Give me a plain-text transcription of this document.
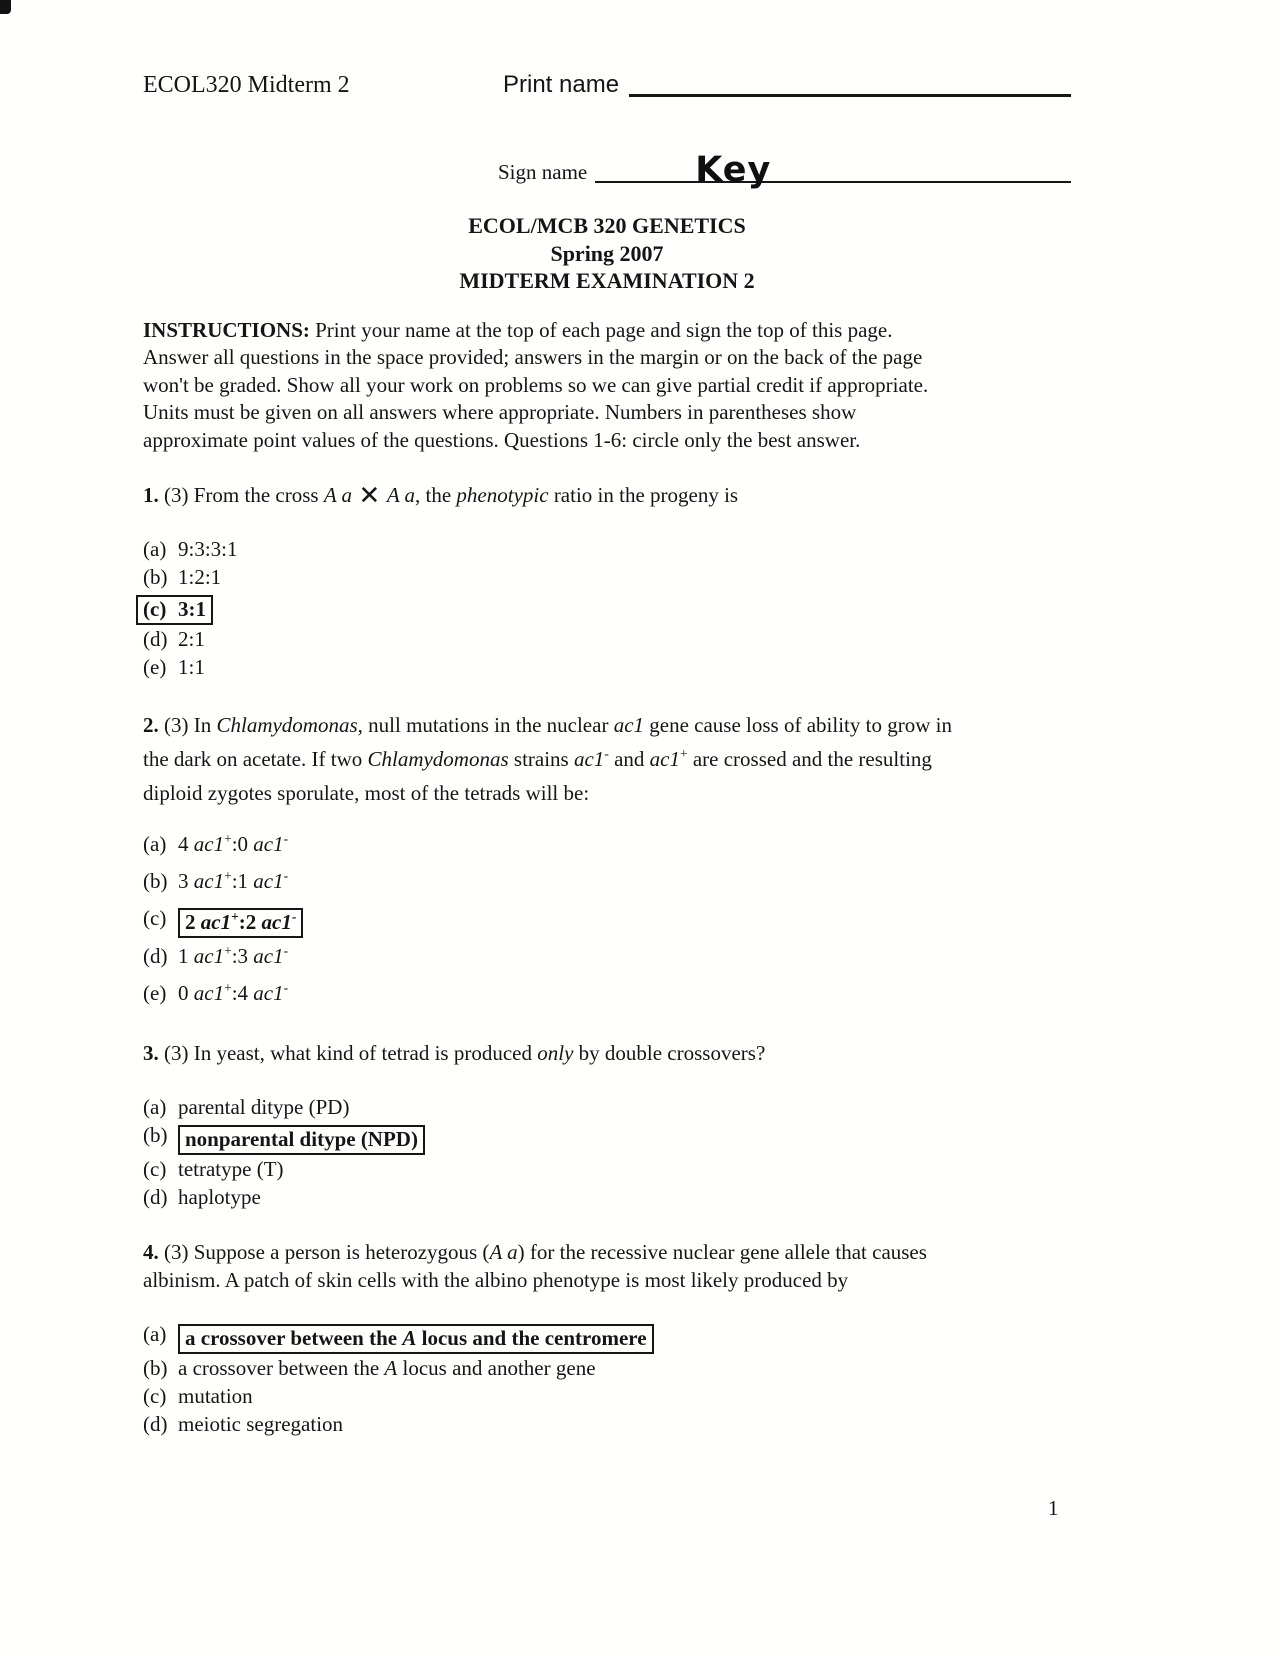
ECOL320 Midterm 2	Print name
Sign name	Key
ECOL/MCB 320 GENETICS
Spring 2007
MIDTERM EXAMINATION 2
INSTRUCTIONS: Print your name at the top of each page and sign the top of this page.
Answer all questions in the space provided; answers in the margin or on the back of the page
won't be graded. Show all your work on problems so we can give partial credit if appropriate.
Units must be given on all answers where appropriate. Numbers in parentheses show
approximate point values of the questions. Questions 1-6: circle only the best answer.
1. (3) From the cross A a ✕ A a, the phenotypic ratio in the progeny is
(a) 9:3:3:1
(b) 1:2:1
(c) 3:1
(d) 2:1
(e) 1:1
2. (3) In Chlamydomonas, null mutations in the nuclear ac1 gene cause loss of ability to grow in
the dark on acetate. If two Chlamydomonas strains ac1- and ac1+ are crossed and the resulting
diploid zygotes sporulate, most of the tetrads will be:
(a) 4 ac1+:0 ac1-
(b) 3 ac1+:1 ac1-
(c) 2 ac1+:2 ac1-
(d) 1 ac1+:3 ac1-
(e) 0 ac1+:4 ac1-
3. (3) In yeast, what kind of tetrad is produced only by double crossovers?
(a) parental ditype (PD)
(b) nonparental ditype (NPD)
(c) tetratype (T)
(d) haplotype
4. (3) Suppose a person is heterozygous (A a) for the recessive nuclear gene allele that causes
albinism. A patch of skin cells with the albino phenotype is most likely produced by
(a) a crossover between the A locus and the centromere
(b) a crossover between the A locus and another gene
(c) mutation
(d) meiotic segregation
1
